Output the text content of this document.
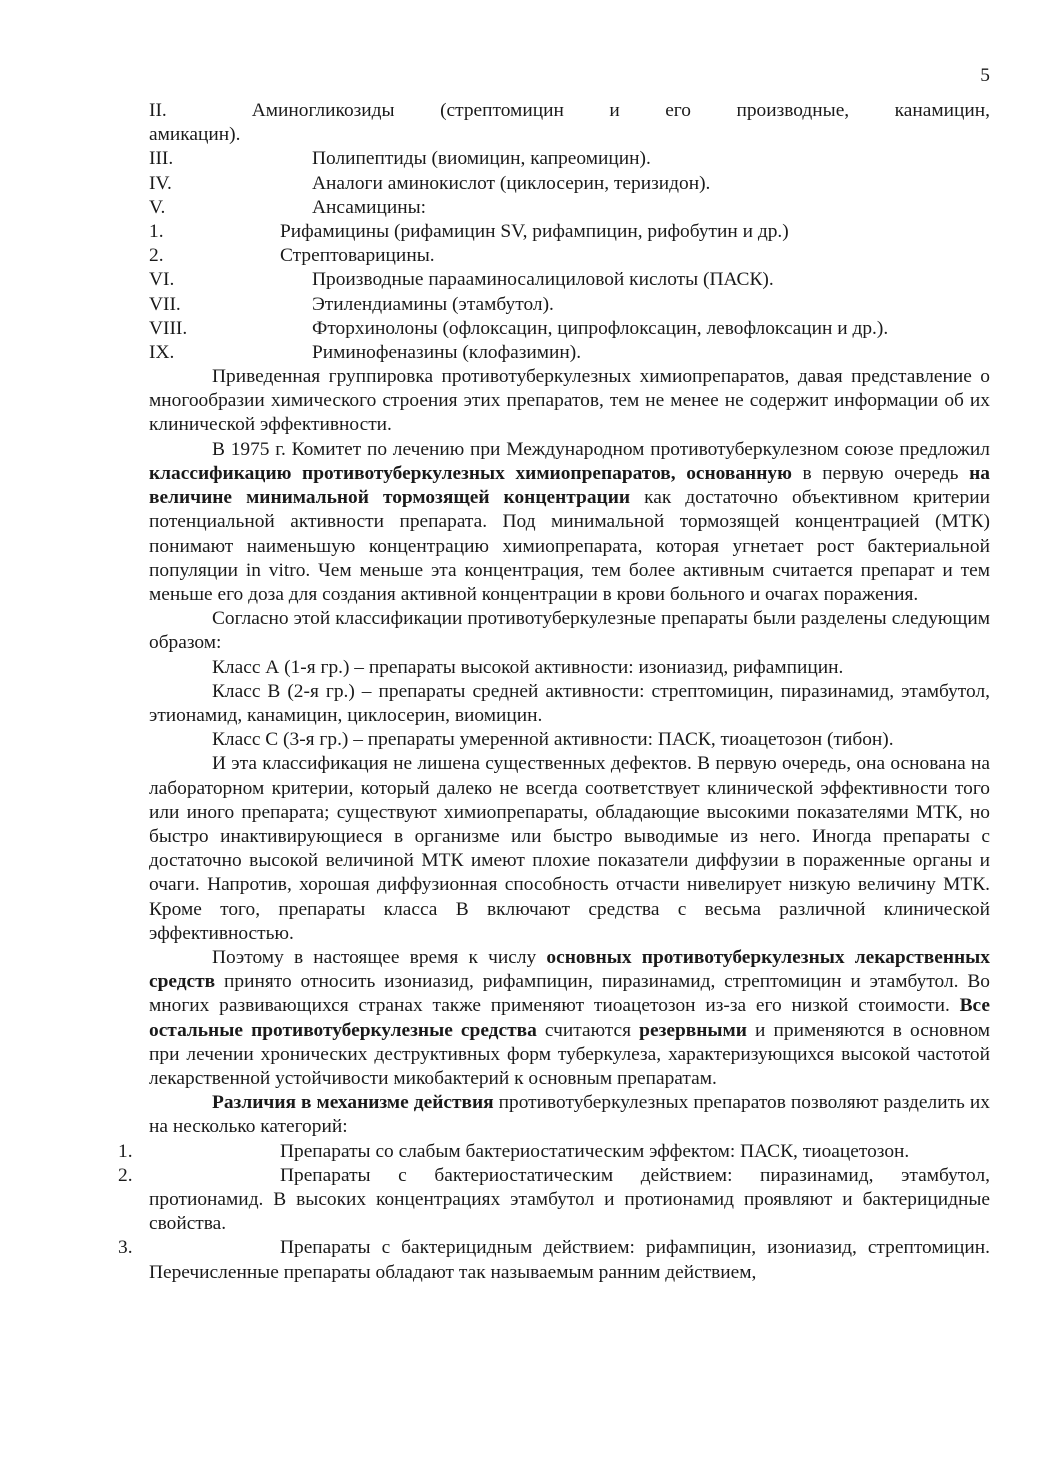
5
II.	Аминогликозиды (стрептомицин и его производные, канамицин,
амикацин).
III.	Полипептиды (виомицин, капреомицин).
IV.	Аналоги аминокислот (циклосерин, теризидон).
V.	Ансамицины:
1.	Рифамицины (рифамицин SV, рифампицин, рифобутин и др.)
2.	Стрептоварицины.
VI.	Производные парааминосалициловой кислоты (ПАСК).
VII.	Этилендиамины (этамбутол).
VIII.	Фторхинолоны (офлоксацин, ципрофлоксацин, левофлоксацин и др.).
IX.	Риминофеназины (клофазимин).

Приведенная группировка противотуберкулезных химиопрепаратов, давая представление о многообразии химического строения этих препаратов, тем не менее не содержит информации об их клинической эффективности.

В 1975 г. Комитет по лечению при Международном противотуберкулезном союзе предложил классификацию противотуберкулезных химиопрепаратов, основанную в первую очередь на величине минимальной тормозящей концентрации как достаточно объективном критерии потенциальной активности препарата. Под минимальной тормозящей концентрацией (МТК) понимают наименьшую концентрацию химиопрепарата, которая угнетает рост бактериальной популяции in vitro. Чем меньше эта концентрация, тем более активным считается препарат и тем меньше его доза для создания активной концентрации в крови больного и очагах поражения.

Согласно этой классификации противотуберкулезные препараты были разделены следующим образом:

Класс А (1-я гр.) – препараты высокой активности: изониазид, рифампицин.

Класс В (2-я гр.) – препараты средней активности: стрептомицин, пиразинамид, этамбутол, этионамид, канамицин, циклосерин, виомицин.

Класс С (3-я гр.) – препараты умеренной активности: ПАСК, тиоацетозон (тибон).

И эта классификация не лишена существенных дефектов. В первую очередь, она основана на лабораторном критерии, который далеко не всегда соответствует клинической эффективности того или иного препарата; существуют химиопрепараты, обладающие высокими показателями МТК, но быстро инактивирующиеся в организме или быстро выводимые из него. Иногда препараты с достаточно высокой величиной МТК имеют плохие показатели диффузии в пораженные органы и очаги. Напротив, хорошая диффузионная способность отчасти нивелирует низкую величину МТК. Кроме того, препараты класса В включают средства с весьма различной клинической эффективностью.

Поэтому в настоящее время к числу основных противотуберкулезных лекарственных средств принято относить изониазид, рифампицин, пиразинамид, стрептомицин и этамбутол. Во многих развивающихся странах также применяют тиоацетозон из-за его низкой стоимости. Все остальные противотуберкулезные средства считаются резервными и применяются в основном при лечении хронических деструктивных форм туберкулеза, характеризующихся высокой частотой лекарственной устойчивости микобактерий к основным препаратам.

Различия в механизме действия противотуберкулезных препаратов позволяют разделить их на несколько категорий:

1.	Препараты со слабым бактериостатическим эффектом: ПАСК, тиоацетозон.

2.	Препараты с бактериостатическим действием: пиразинамид, этамбутол, протионамид. В высоких концентрациях этамбутол и протионамид проявляют и бактерицидные свойства.

3.	Препараты с бактерицидным действием: рифампицин, изониазид, стрептомицин. Перечисленные препараты обладают так называемым ранним действием,
